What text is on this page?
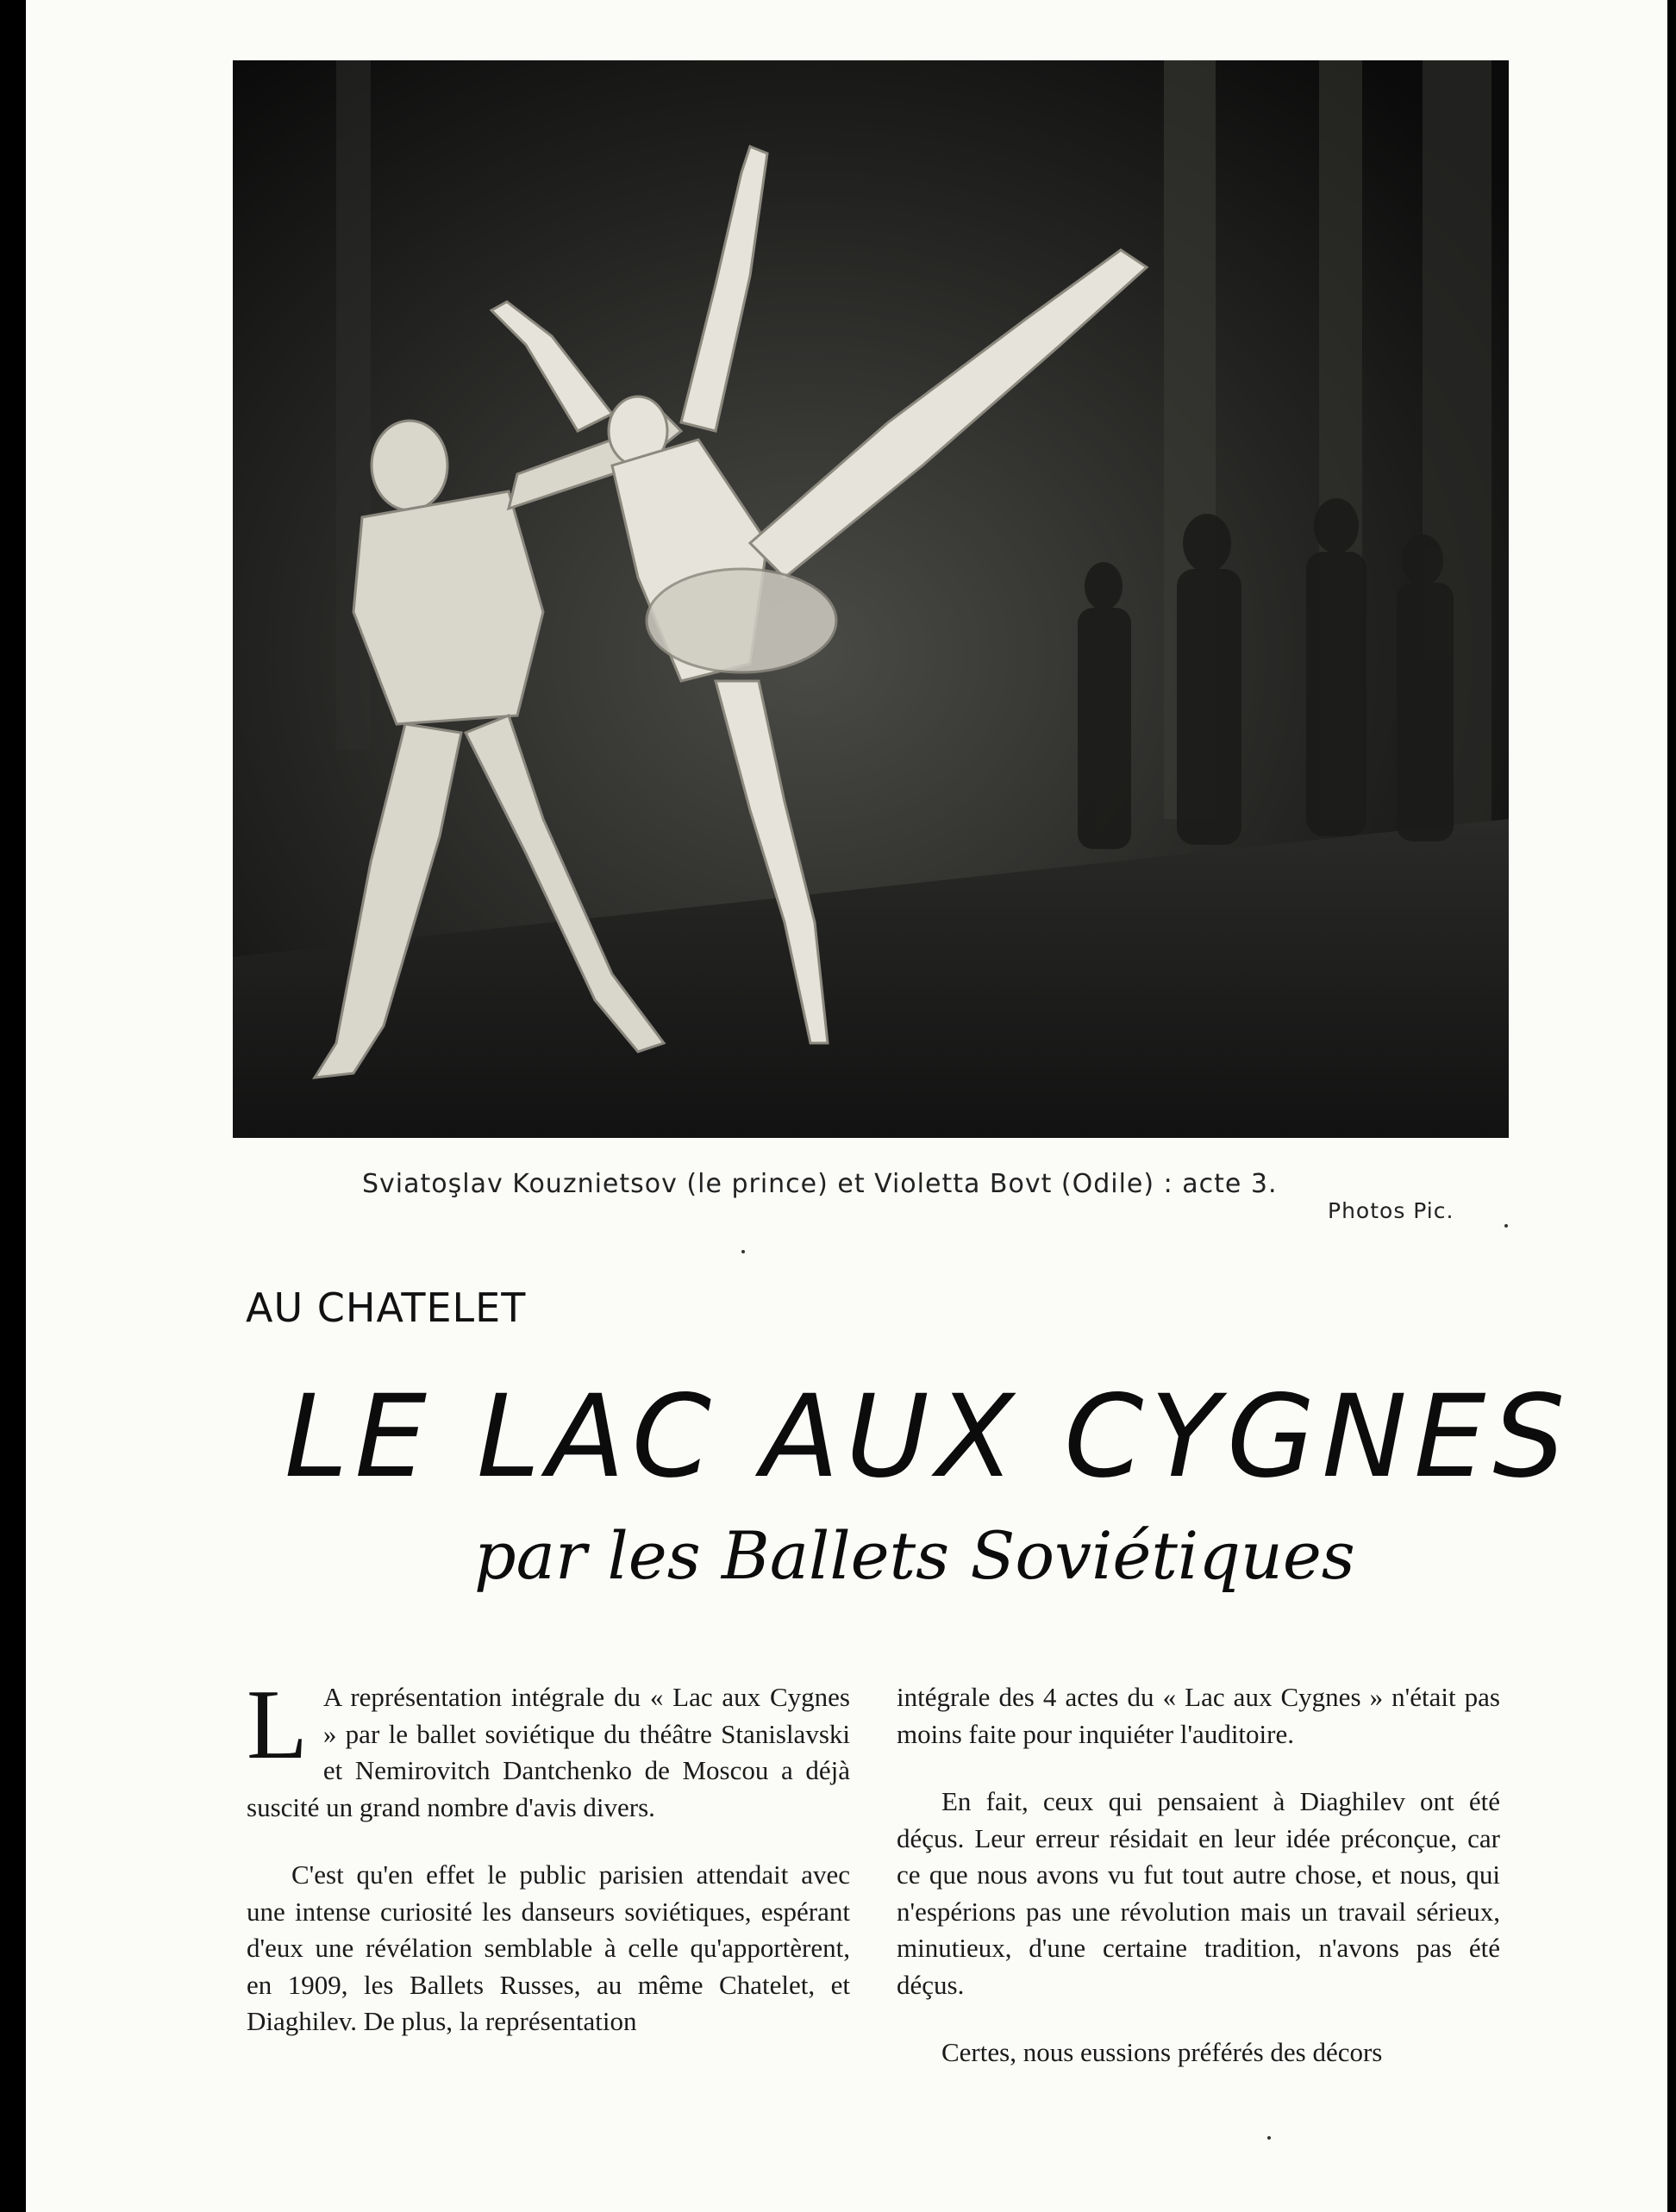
Sviatoşlav Kouznietsov (le prince) et Violetta Bovt (Odile) : acte 3.
Photos Pic.
AU CHATELET
LE LAC AUX CYGNES
par les Ballets Soviétiques

L A représentation intégrale du « Lac aux Cygnes » par le ballet soviétique du théâtre Stanislavski et Nemirovitch Dantchenko de Moscou a déjà suscité un grand nombre d'avis divers.

C'est qu'en effet le public parisien attendait avec une intense curiosité les danseurs soviétiques, espérant d'eux une révélation semblable à celle qu'apportèrent, en 1909, les Ballets Russes, au même Chatelet, et Diaghilev. De plus, la représentation

intégrale des 4 actes du « Lac aux Cygnes » n'était pas moins faite pour inquiéter l'auditoire.

En fait, ceux qui pensaient à Diaghilev ont été déçus. Leur erreur résidait en leur idée préconçue, car ce que nous avons vu fut tout autre chose, et nous, qui n'espérions pas une révolution mais un travail sérieux, minutieux, d'une certaine tradition, n'avons pas été déçus.

Certes, nous eussions préférés des décors
